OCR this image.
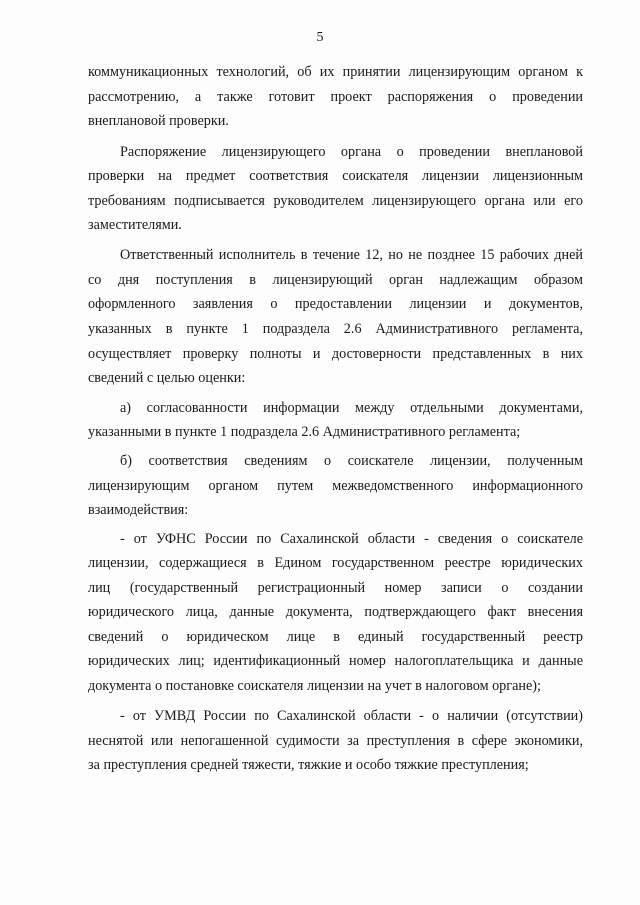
5
коммуникационных технологий, об их принятии лицензирующим органом к
рассмотрению, а также готовит проект распоряжения о проведении
внеплановой проверки.
Распоряжение лицензирующего органа о проведении внеплановой
проверки на предмет соответствия соискателя лицензии лицензионным
требованиям подписывается руководителем лицензирующего органа или его
заместителями.
Ответственный исполнитель в течение 12, но не позднее 15 рабочих дней
со дня поступления в лицензирующий орган надлежащим образом
оформленного заявления о предоставлении лицензии и документов,
указанных в пункте 1 подраздела 2.6 Административного регламента,
осуществляет проверку полноты и достоверности представленных в них
сведений с целью оценки:
а) согласованности информации между отдельными документами,
указанными в пункте 1 подраздела 2.6 Административного регламента;
б) соответствия сведениям о соискателе лицензии, полученным
лицензирующим органом путем межведомственного информационного
взаимодействия:
- от УФНС России по Сахалинской области - сведения о соискателе
лицензии, содержащиеся в Едином государственном реестре юридических
лиц (государственный регистрационный номер записи о создании
юридического лица, данные документа, подтверждающего факт внесения
сведений о юридическом лице в единый государственный реестр
юридических лиц; идентификационный номер налогоплательщика и данные
документа о постановке соискателя лицензии на учет в налоговом органе);
- от УМВД России по Сахалинской области - о наличии (отсутствии)
неснятой или непогашенной судимости за преступления в сфере экономики,
за преступления средней тяжести, тяжкие и особо тяжкие преступления;
